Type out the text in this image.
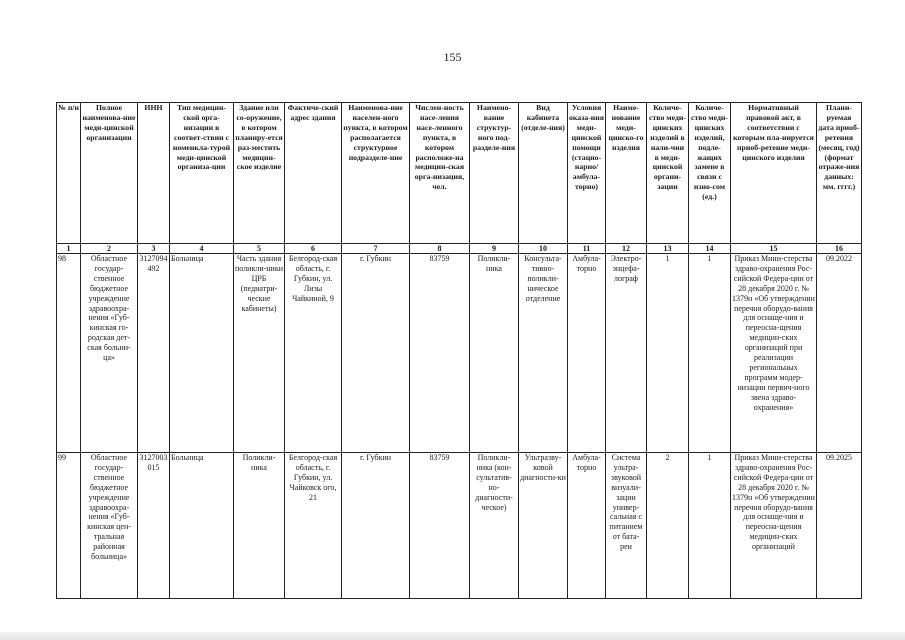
155
№ п/н	Полное наименова-ние меди-цинской организации	ИНН	Тип медицин-ской орга-низации в соответ-ствии с номенкла-турой меди-цинской организа-ции	Здание или со-оружение, в котором планиру-ется раз-местить медицин-ское изделие	Фактиче-ский адрес здания	Наименова-ние населен-ного пункта, в котором располагается структурное подразделе-ние	Числен-ность насе-ления насе-ленного пункта, в котором расположе-на медицин-ская орга-низация, чел.	Наимено-вание структур-ного под-разделе-ния	Вид кабинета (отделе-ния)	Условия оказа-ния меди-цинской помощи (стацио-нарно/ амбула-торно)	Наиме-нование меди-цинско-го изделия	Количе-ство меди-цинских изделий в нали-чии в меди-цинской органи-зации	Количе-ство меди-цинских изделий, подле-жащих замене в связи с изно-сом (ед.)	Нормативный правовой акт, в соответствии с которым пла-нируется приоб-ретение меди-цинского изделия	Плани-руемая дата приоб-ретения (месяц, год) (формат отраже-ния данных: мм. гггг.)
1	2	3	4	5	6	7	8	9	10	11	12	13	14	15	16
98	Областное государ-ственное бюджетное учреждение здравоохра-нения «Губ-кинская го-родская дет-ская больни-ца»	3127094492	Больница	Часть здания поликли-ники ЦРБ (педиатри-ческие кабинеты)	Белгород-ская область, г. Губкин, ул. Лизы Чайкиной, 9	г. Губкин	83759	Поликли-ника	Консульта-тивно-поликли-ническое отделение	Амбула-торно	Электро-энцефа-лограф	1	1	Приказ Мини-стерства здраво-охранения Рос-сийской Федера-ции от 28 декабря 2020 г. № 1379н «Об утверждении перечня оборудо-вания для оснаще-ния и переосна-щения медицин-ских организаций при реализации региональных программ модер-низации первич-ного звена здраво-охранения»	09.2022
99	Областное государ-ственное бюджетное учреждение здравоохра-нения «Губ-кинская цен-тральная районная больница»	3127003015	Больница	Поликли-ника	Белгород-ская область, г. Губкин, ул. Чайковск ого, 21	г. Губкин	83759	Поликли-ника (кон-сультатив-но-диагности-ческое)	Ультразву-ковой диагности-ки	Амбула-торно	Система ультра-звуковой визуали-зации универ-сальная с питанием от бата-реи	2	1	Приказ Мини-стерства здраво-охранения Рос-сийской Федера-ции от 28 декабря 2020 г. № 1379н «Об утверждении перечня оборудо-вания для оснаще-ния и переосна-щения медицин-ских организаций	09.2025
